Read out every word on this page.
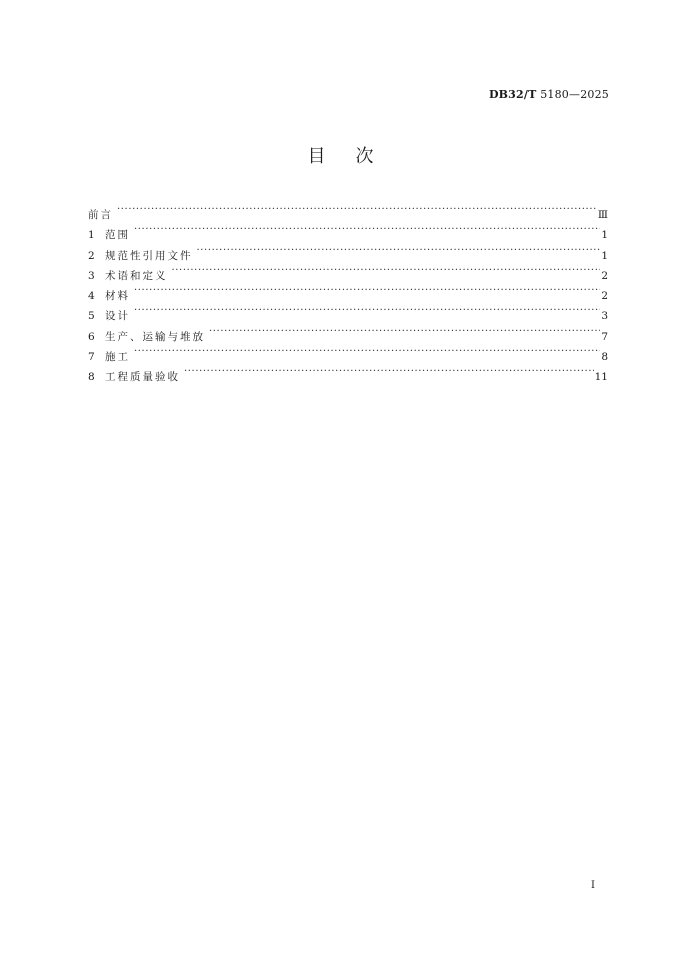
DB32/T 5180—2025
目次
前言 ·····	Ⅲ
1 范围 ·····	1
2 规范性引用文件 ·····	1
3 术语和定义 ·····	2
4 材料 ·····	2
5 设计 ·····	3
6 生产、运输与堆放 ·····	7
7 施工 ·····	8
8 工程质量验收 ·····	11
Ⅰ
